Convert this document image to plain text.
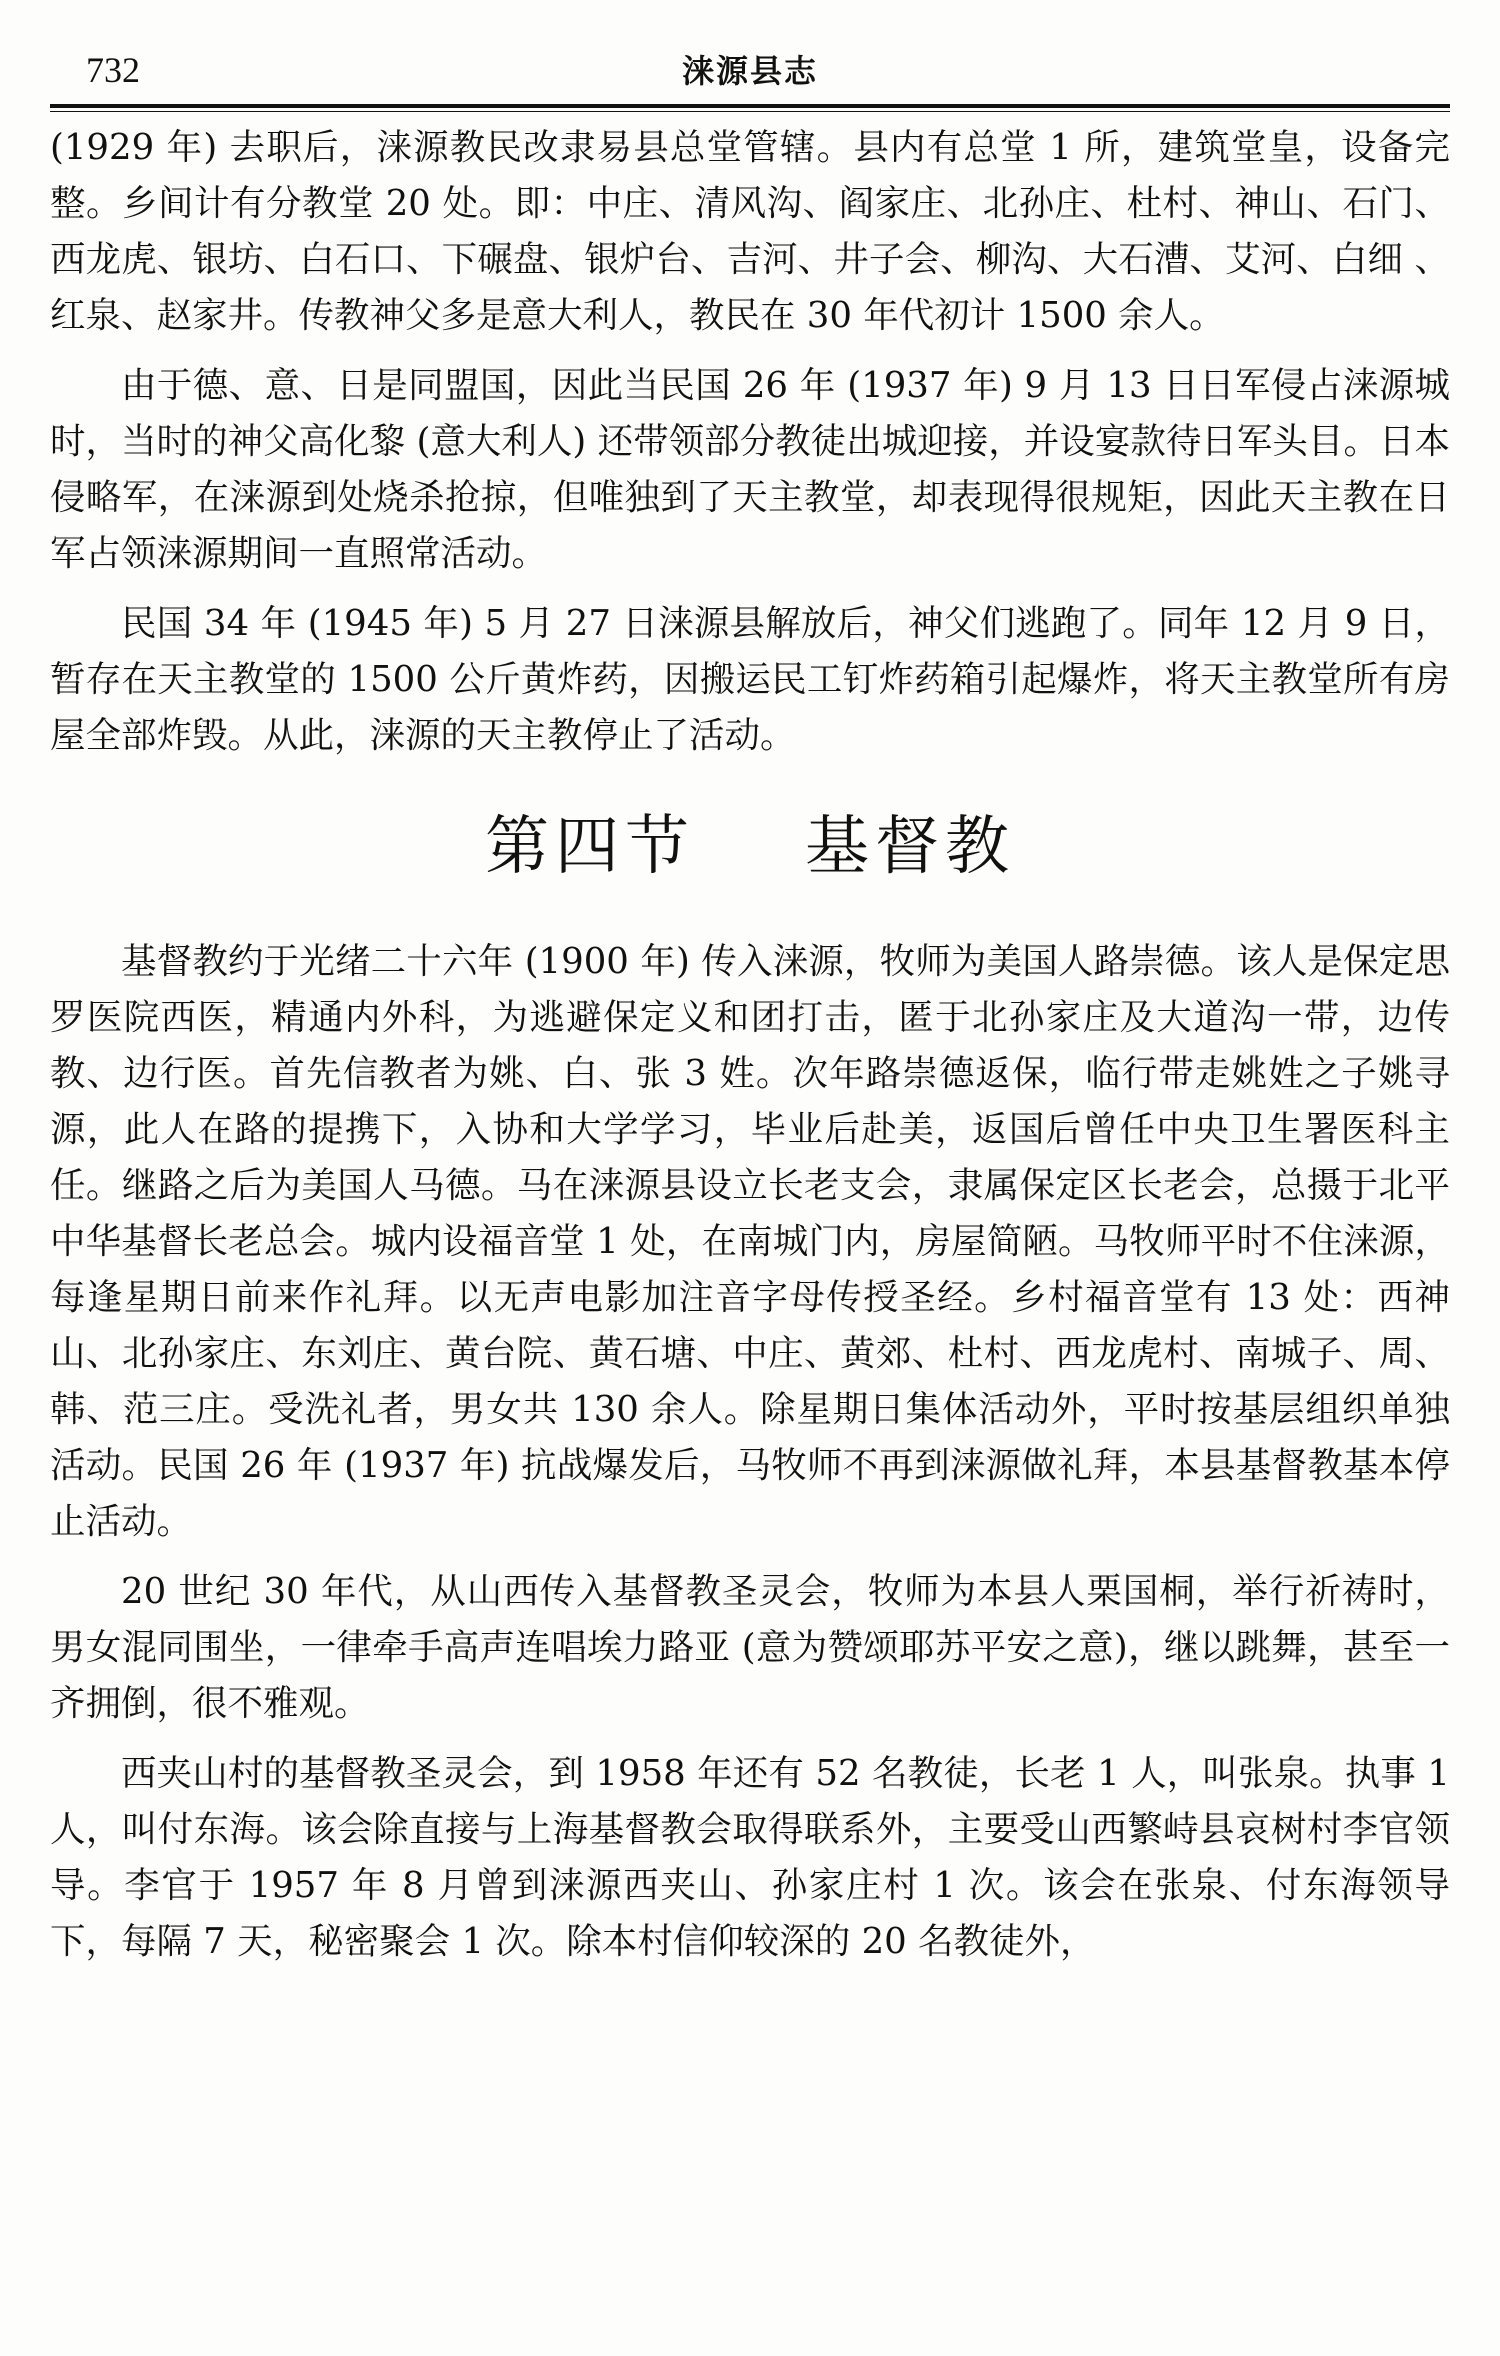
732	涞源县志

(1929 年) 去职后，涞源教民改隶易县总堂管辖。县内有总堂 1 所，建筑堂皇，设备完整。乡间计有分教堂 20 处。即：中庄、清风沟、阎家庄、北孙庄、杜村、神山、石门、西龙虎、银坊、白石口、下碾盘、银炉台、吉河、井子会、柳沟、大石漕、艾河、白细 、红泉、赵家井。传教神父多是意大利人，教民在 30 年代初计 1500 余人。

由于德、意、日是同盟国，因此当民国 26 年 (1937 年) 9 月 13 日日军侵占涞源城时，当时的神父高化黎 (意大利人) 还带领部分教徒出城迎接，并设宴款待日军头目。日本侵略军，在涞源到处烧杀抢掠，但唯独到了天主教堂，却表现得很规矩，因此天主教在日军占领涞源期间一直照常活动。

民国 34 年 (1945 年) 5 月 27 日涞源县解放后，神父们逃跑了。同年 12 月 9 日，暂存在天主教堂的 1500 公斤黄炸药，因搬运民工钉炸药箱引起爆炸，将天主教堂所有房屋全部炸毁。从此，涞源的天主教停止了活动。

第四节 基督教

基督教约于光绪二十六年 (1900 年) 传入涞源，牧师为美国人路崇德。该人是保定思罗医院西医，精通内外科，为逃避保定义和团打击，匿于北孙家庄及大道沟一带，边传教、边行医。首先信教者为姚、白、张 3 姓。次年路崇德返保，临行带走姚姓之子姚寻源，此人在路的提携下，入协和大学学习，毕业后赴美，返国后曾任中央卫生署医科主任。继路之后为美国人马德。马在涞源县设立长老支会，隶属保定区长老会，总摄于北平中华基督长老总会。城内设福音堂 1 处，在南城门内，房屋简陋。马牧师平时不住涞源，每逢星期日前来作礼拜。以无声电影加注音字母传授圣经。乡村福音堂有 13 处：西神山、北孙家庄、东刘庄、黄台院、黄石塘、中庄、黄郊、杜村、西龙虎村、南城子、周、韩、范三庄。受洗礼者，男女共 130 余人。除星期日集体活动外，平时按基层组织单独活动。民国 26 年 (1937 年) 抗战爆发后，马牧师不再到涞源做礼拜，本县基督教基本停止活动。

20 世纪 30 年代，从山西传入基督教圣灵会，牧师为本县人栗国桐，举行祈祷时，男女混同围坐，一律牵手高声连唱埃力路亚 (意为赞颂耶苏平安之意)，继以跳舞，甚至一齐拥倒，很不雅观。

西夹山村的基督教圣灵会，到 1958 年还有 52 名教徒，长老 1 人，叫张泉。执事 1 人，叫付东海。该会除直接与上海基督教会取得联系外，主要受山西繁峙县哀树村李官领导。李官于 1957 年 8 月曾到涞源西夹山、孙家庄村 1 次。该会在张泉、付东海领导下，每隔 7 天，秘密聚会 1 次。除本村信仰较深的 20 名教徒外，
